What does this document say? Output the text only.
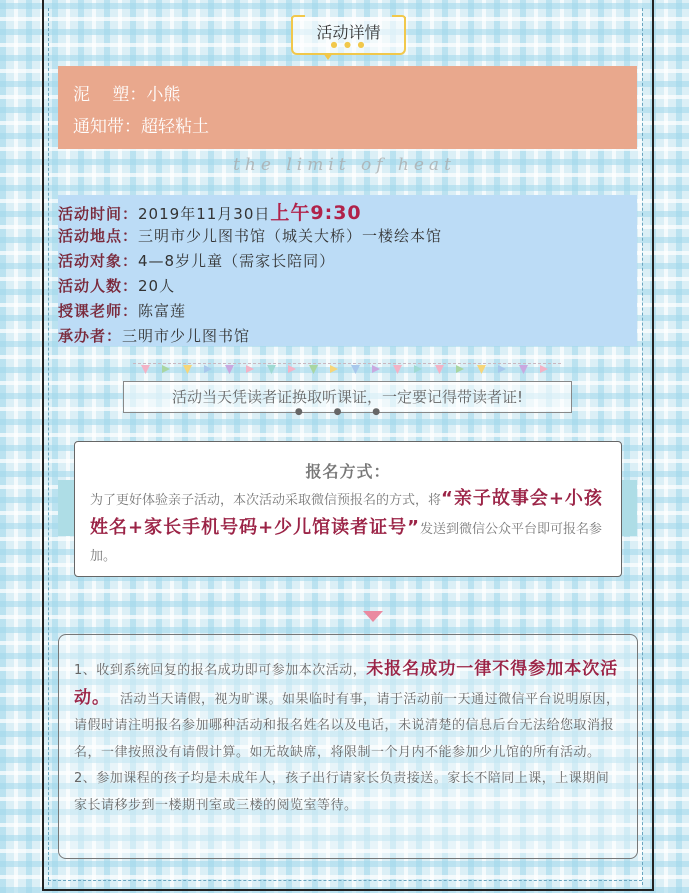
活动详情
● ● ●
泥　 塑：小熊
通知带：超轻粘土
the limit of heat
活动时间：2019年11月30日上午9:30
活动地点：三明市少儿图书馆（城关大桥）一楼绘本馆
活动对象：4—8岁儿童（需家长陪同）
活动人数：20人
授课老师：陈富莲
承办者：三明市少儿图书馆
活动当天凭读者证换取听课证，一定要记得带读者证!
● ● ●
报名方式：
为了更好体验亲子活动，本次活动采取微信预报名的方式，将“亲子故事会+小孩姓名+家长手机号码+少儿馆读者证号”发送到微信公众平台即可报名参加。
1、收到系统回复的报名成功即可参加本次活动，未报名成功一律不得参加本次活动。 活动当天请假，视为旷课。如果临时有事，请于活动前一天通过微信平台说明原因，请假时请注明报名参加哪种活动和报名姓名以及电话，未说清楚的信息后台无法给您取消报名，一律按照没有请假计算。如无故缺席，将限制一个月内不能参加少儿馆的所有活动。
2、参加课程的孩子均是未成年人，孩子出行请家长负责接送。家长不陪同上课，上课期间家长请移步到一楼期刊室或三楼的阅览室等待。
